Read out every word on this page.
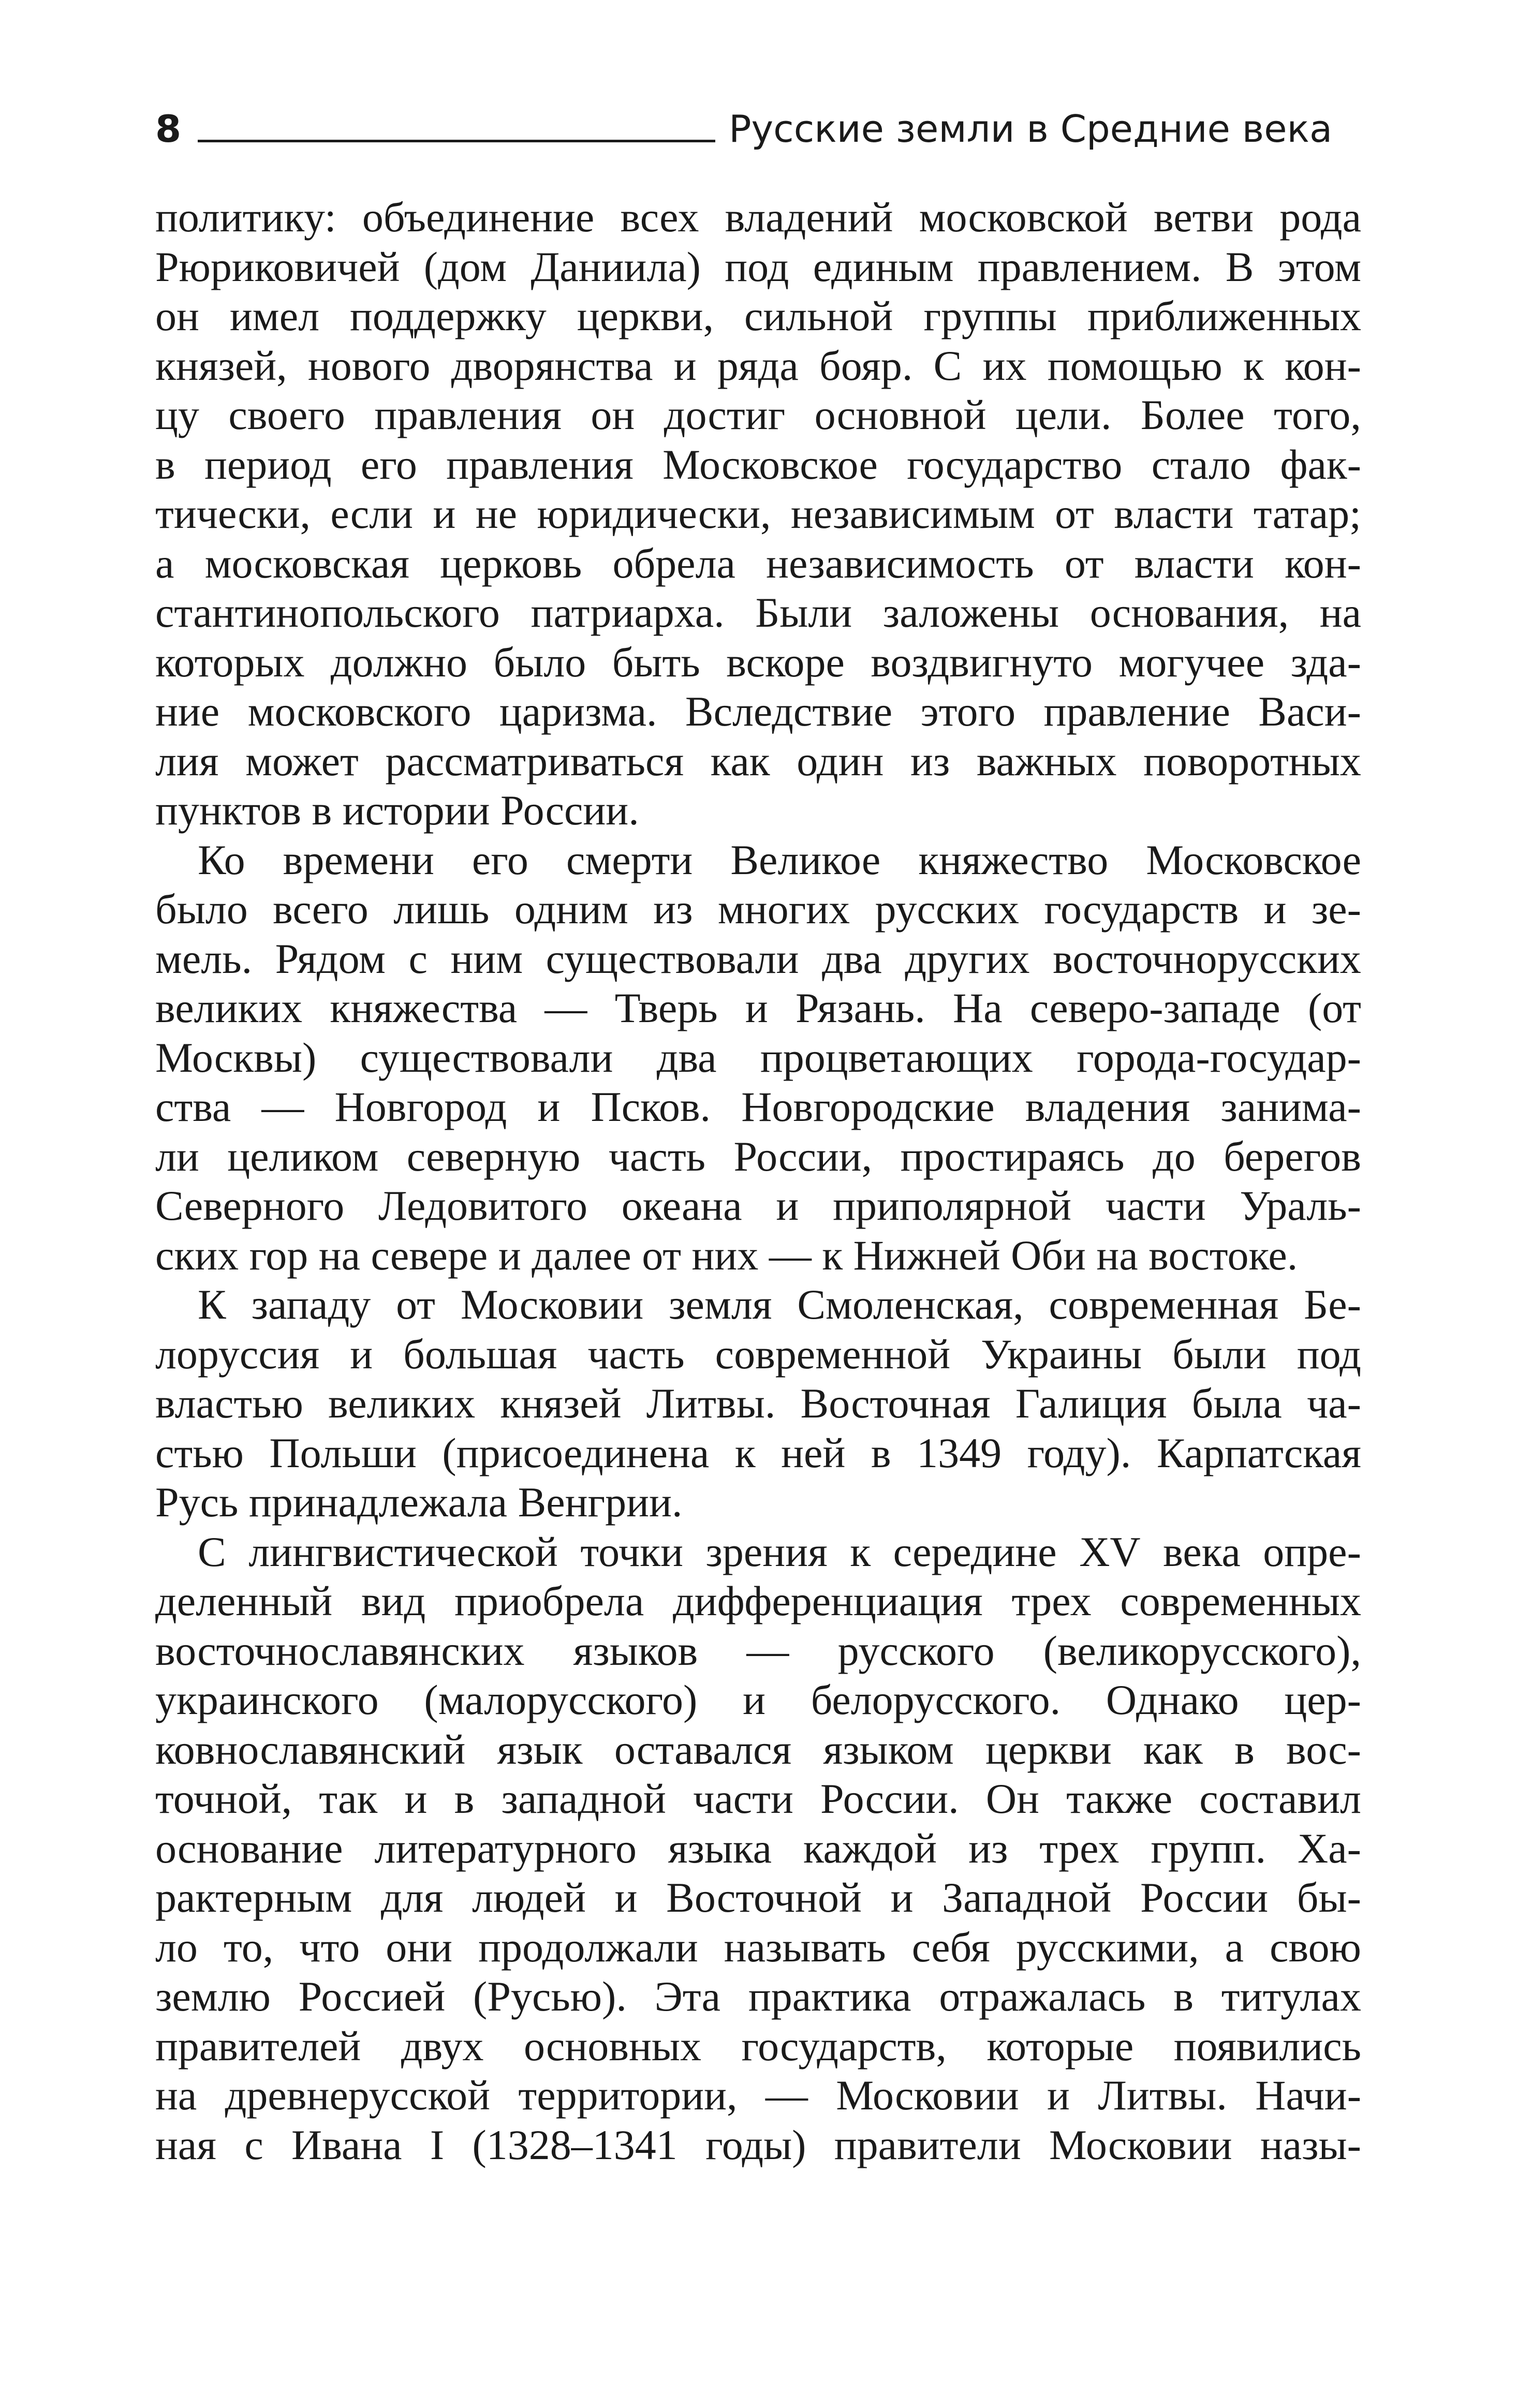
8	Русские земли в Средние века
политику: объединение всех владений московской ветви рода
Рюриковичей (дом Даниила) под единым правлением. В этом
он имел поддержку церкви, сильной группы приближенных
князей, нового дворянства и ряда бояр. С их помощью к кон-
цу своего правления он достиг основной цели. Более того,
в период его правления Московское государство стало фак-
тически, если и не юридически, независимым от власти татар;
а московская церковь обрела независимость от власти кон-
стантинопольского патриарха. Были заложены основания, на
которых должно было быть вскоре воздвигнуто могучее зда-
ние московского царизма. Вследствие этого правление Васи-
лия может рассматриваться как один из важных поворотных
пунктов в истории России.
Ко времени его смерти Великое княжество Московское
было всего лишь одним из многих русских государств и зе-
мель. Рядом с ним существовали два других восточнорусских
великих княжества — Тверь и Рязань. На северо-западе (от
Москвы) существовали два процветающих города-государ-
ства — Новгород и Псков. Новгородские владения занима-
ли целиком северную часть России, простираясь до берегов
Северного Ледовитого океана и приполярной части Ураль-
ских гор на севере и далее от них — к Нижней Оби на востоке.
К западу от Московии земля Смоленская, современная Бе-
лоруссия и большая часть современной Украины были под
властью великих князей Литвы. Восточная Галиция была ча-
стью Польши (присоединена к ней в 1349 году). Карпатская
Русь принадлежала Венгрии.
С лингвистической точки зрения к середине XV века опре-
деленный вид приобрела дифференциация трех современных
восточнославянских языков — русского (великорусского),
украинского (малорусского) и белорусского. Однако цер-
ковнославянский язык оставался языком церкви как в вос-
точной, так и в западной части России. Он также составил
основание литературного языка каждой из трех групп. Ха-
рактерным для людей и Восточной и Западной России бы-
ло то, что они продолжали называть себя русскими, а свою
землю Россией (Русью). Эта практика отражалась в титулах
правителей двух основных государств, которые появились
на древнерусской территории, — Московии и Литвы. Начи-
ная с Ивана I (1328–1341 годы) правители Московии назы-
